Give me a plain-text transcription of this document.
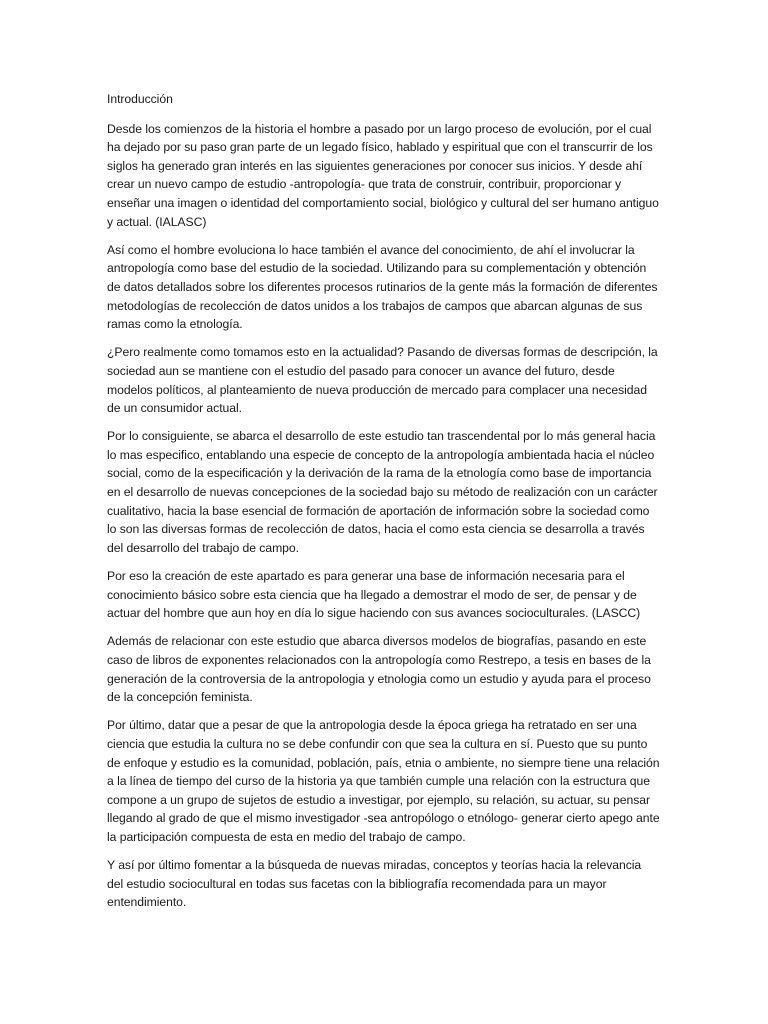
Introducción

Desde los comienzos de la historia el hombre a pasado por un largo proceso de evolución, por el cual ha dejado por su paso gran parte de un legado físico, hablado y espiritual que con el transcurrir de los siglos ha generado gran interés en las siguientes generaciones por conocer sus inicios. Y desde ahí crear un nuevo campo de estudio -antropología- que trata de construir, contribuir, proporcionar y enseñar una imagen o identidad del comportamiento social, biológico y cultural del ser humano antiguo y actual. (IALASC)

Así como el hombre evoluciona lo hace también el avance del conocimiento, de ahí el involucrar la antropología como base del estudio de la sociedad. Utilizando para su complementación y obtención de datos detallados sobre los diferentes procesos rutinarios de la gente más la formación de diferentes metodologías de recolección de datos unidos a los trabajos de campos que abarcan algunas de sus ramas como la etnología.

¿Pero realmente como tomamos esto en la actualidad? Pasando de diversas formas de descripción, la sociedad aun se mantiene con el estudio del pasado para conocer un avance del futuro, desde modelos políticos, al planteamiento de nueva producción de mercado para complacer una necesidad de un consumidor actual.

Por lo consiguiente, se abarca el desarrollo de este estudio tan trascendental por lo más general hacia lo mas especifico, entablando una especie de concepto de la antropología ambientada hacia el núcleo social, como de la especificación y la derivación de la rama de la etnología como base de importancia en el desarrollo de nuevas concepciones de la sociedad bajo su método de realización con un carácter cualitativo, hacia la base esencial de formación de aportación de información sobre la sociedad como lo son las diversas formas de recolección de datos, hacia el como esta ciencia se desarrolla a través del desarrollo del trabajo de campo.

Por eso la creación de este apartado es para generar una base de información necesaria para el conocimiento básico sobre esta ciencia que ha llegado a demostrar el modo de ser, de pensar y de actuar del hombre que aun hoy en día lo sigue haciendo con sus avances socioculturales. (LASCC)

Además de relacionar con este estudio que abarca diversos modelos de biografías, pasando en este caso de libros de exponentes relacionados con la antropología como Restrepo, a tesis en bases de la generación de la controversia de la antropologia y etnologia como un estudio y ayuda para el proceso de la concepción feminista.

Por último, datar que a pesar de que la antropologia desde la época griega ha retratado en ser una ciencia que estudia la cultura no se debe confundir con que sea la cultura en sí. Puesto que su punto de enfoque y estudio es la comunidad, población, país, etnia o ambiente, no siempre tiene una relación a la línea de tiempo del curso de la historia ya que también cumple una relación con la estructura que compone a un grupo de sujetos de estudio a investigar, por ejemplo, su relación, su actuar, su pensar llegando al grado de que el mismo investigador -sea antropólogo o etnólogo- generar cierto apego ante la participación compuesta de esta en medio del trabajo de campo.

Y así por último fomentar a la búsqueda de nuevas miradas, conceptos y teorías hacia la relevancia del estudio sociocultural en todas sus facetas con la bibliografía recomendada para un mayor entendimiento.
